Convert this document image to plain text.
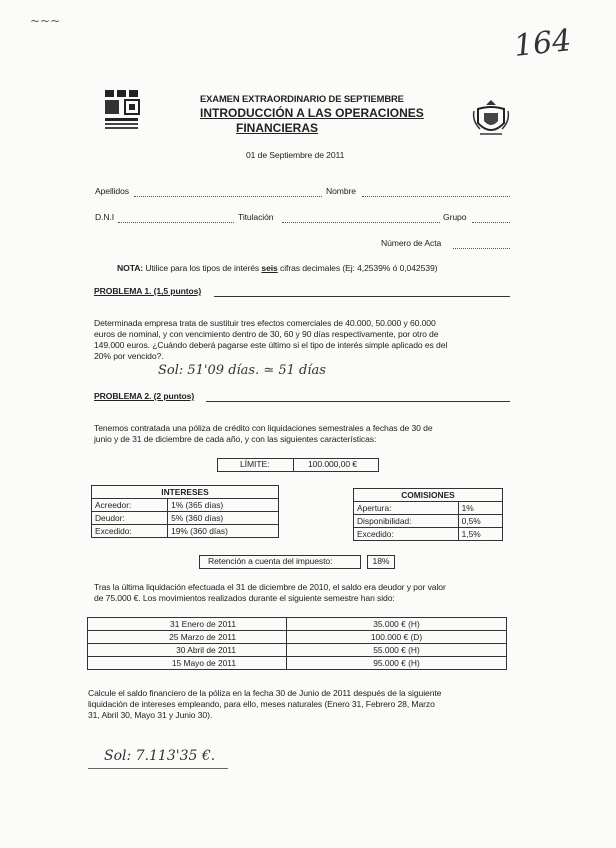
~~~
164
EXAMEN EXTRAORDINARIO DE SEPTIEMBRE
INTRODUCCIÓN A LAS OPERACIONES
FINANCIERAS
01 de Septiembre de 2011
Apellidos	Nombre
D.N.I	Titulación	Grupo
Número de Acta
NOTA: Utilice para los tipos de interés seis cifras decimales (Ej: 4,2539% ó 0,042539)
PROBLEMA 1. (1,5 puntos)
Determinada empresa trata de sustituir tres efectos comerciales de 40.000, 50.000 y 60.000
euros de nominal, y con vencimiento dentro de 30, 60 y 90 días respectivamente, por otro de
149.000 euros. ¿Cuándo deberá pagarse este último si el tipo de interés simple aplicado es del
20% por vencido?.
Sol: 51'09 días. ≃ 51 días
PROBLEMA 2. (2 puntos)
Tenemos contratada una póliza de crédito con liquidaciones semestrales a fechas de 30 de
junio y de 31 de diciembre de cada año, y con las siguientes características:
LÍMITE:	100.000,00 €
INTERESES	
Acreedor:	1% (365 días)
Deudor:	5% (360 días)
Excedido:	19% (360 días)
COMISIONES	
Apertura:	1%
Disponibilidad:	0,5%
Excedido:	1,5%
Retención a cuenta del impuesto:	18%
Tras la última liquidación efectuada el 31 de diciembre de 2010, el saldo era deudor y por valor
de 75.000 €. Los movimientos realizados durante el siguiente semestre han sido:
31 Enero de 2011	35.000 € (H)
25 Marzo de 2011	100.000 € (D)
30 Abril de 2011	55.000 € (H)
15 Mayo de 2011	95.000 € (H)
Calcule el saldo financiero de la póliza en la fecha 30 de Junio de 2011 después de la siguiente
liquidación de intereses empleando, para ello, meses naturales (Enero 31, Febrero 28, Marzo
31, Abril 30, Mayo 31 y Junio 30).
Sol: 7.113'35 €.
